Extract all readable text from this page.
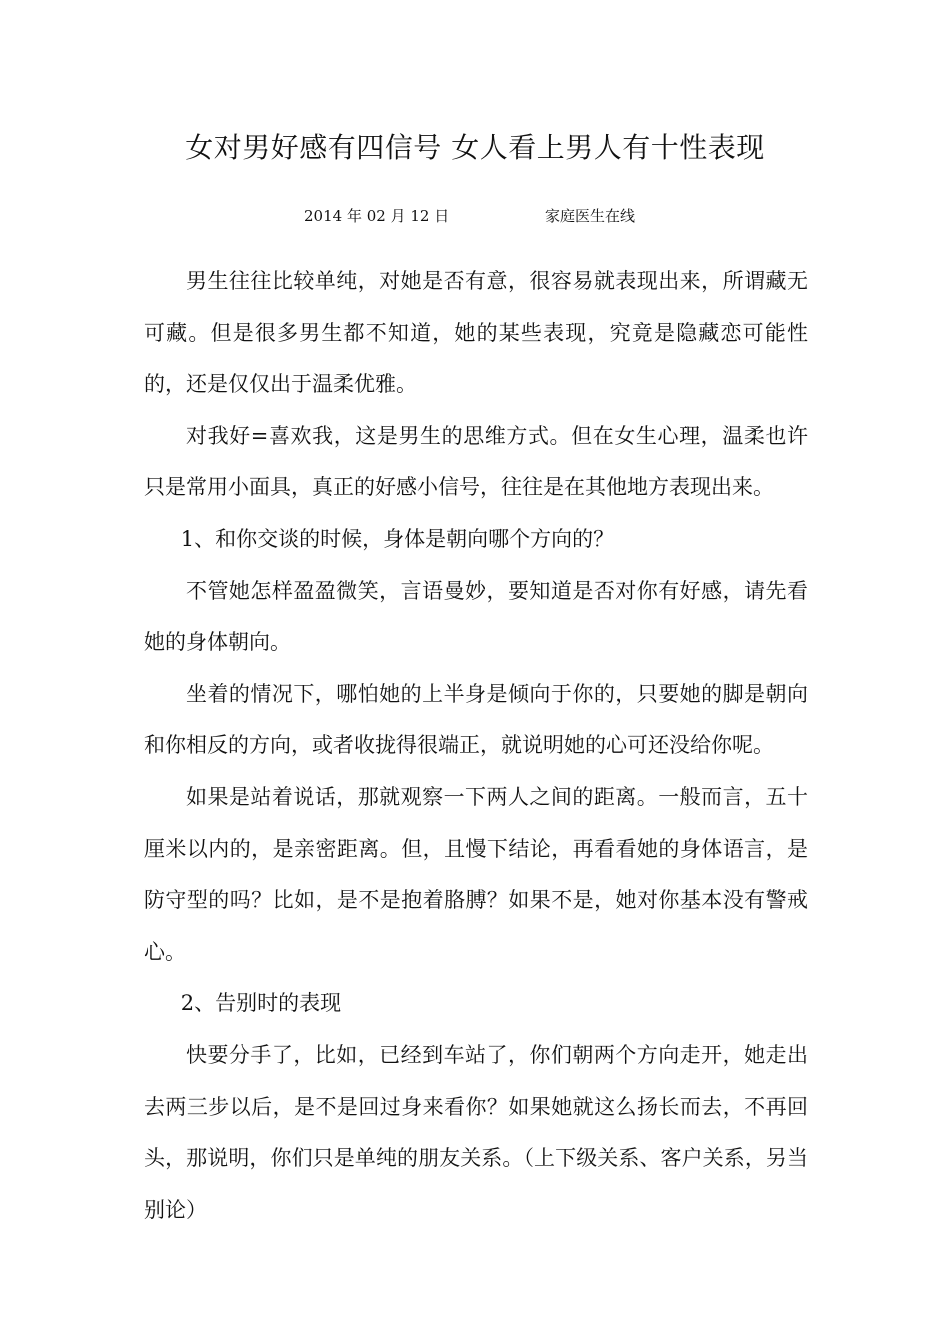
女对男好感有四信号 女人看上男人有十性表现
2014 年 02 月 12 日	家庭医生在线

男生往往比较单纯，对她是否有意，很容易就表现出来，所谓藏无可藏。但是很多男生都不知道，她的某些表现，究竟是隐藏恋可能性的，还是仅仅出于温柔优雅。

对我好=喜欢我，这是男生的思维方式。但在女生心理，温柔也许只是常用小面具，真正的好感小信号，往往是在其他地方表现出来。

1、和你交谈的时候，身体是朝向哪个方向的？

不管她怎样盈盈微笑，言语曼妙，要知道是否对你有好感，请先看她的身体朝向。

坐着的情况下，哪怕她的上半身是倾向于你的，只要她的脚是朝向和你相反的方向，或者收拢得很端正，就说明她的心可还没给你呢。

如果是站着说话，那就观察一下两人之间的距离。一般而言，五十厘米以内的，是亲密距离。但，且慢下结论，再看看她的身体语言，是防守型的吗？比如，是不是抱着胳膊？如果不是，她对你基本没有警戒心。

2、告别时的表现

快要分手了，比如，已经到车站了，你们朝两个方向走开，她走出去两三步以后，是不是回过身来看你？如果她就这么扬长而去，不再回头，那说明，你们只是单纯的朋友关系。（上下级关系、客户关系，另当别论）
